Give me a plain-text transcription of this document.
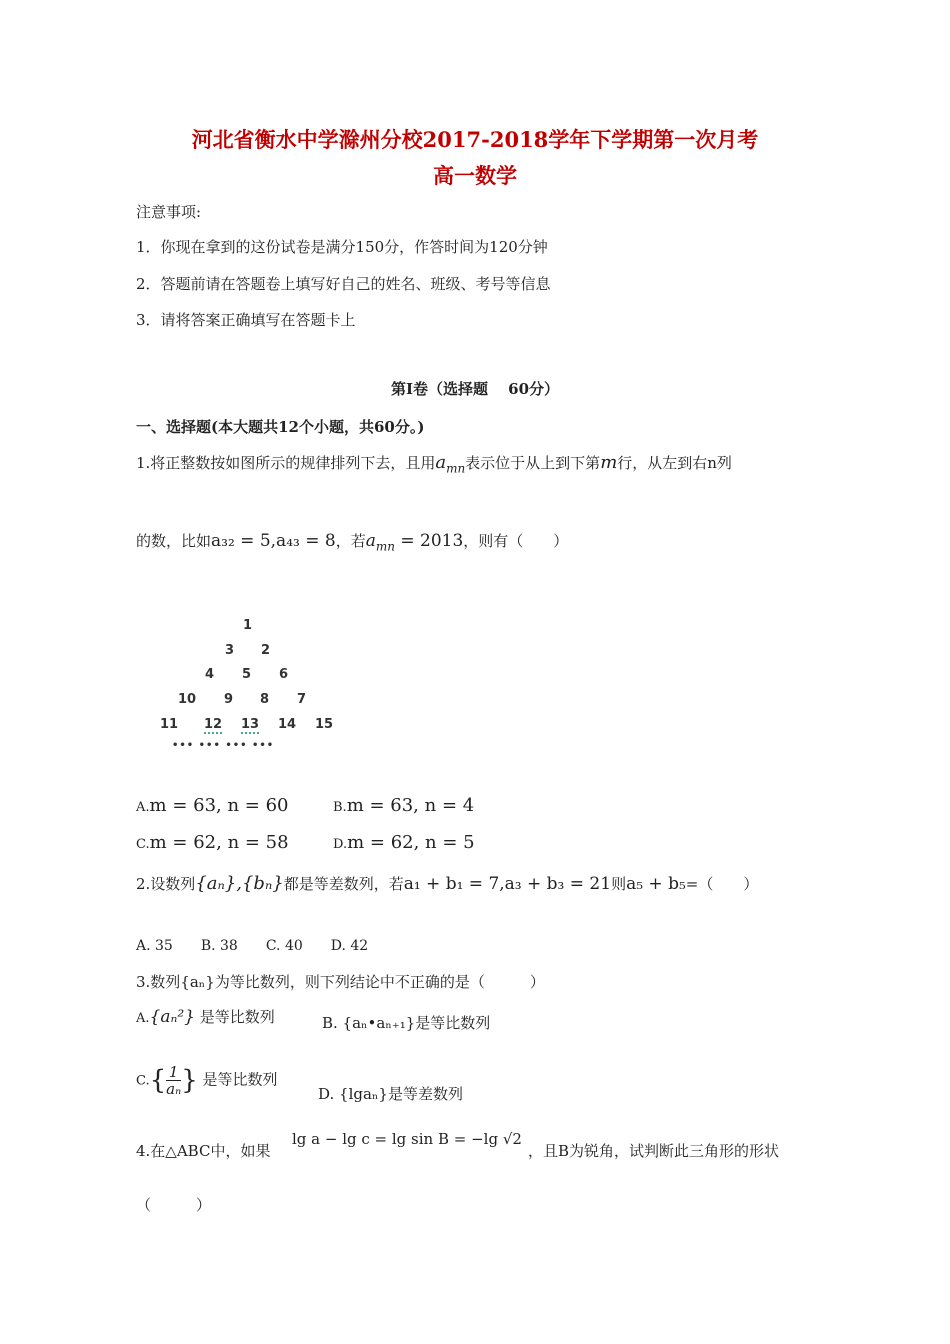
河北省衡水中学滁州分校2017-2018学年下学期第一次月考
高一数学
注意事项:
1．你现在拿到的这份试卷是满分150分，作答时间为120分钟
2．答题前请在答题卷上填写好自己的姓名、班级、考号等信息
3．请将答案正确填写在答题卡上
第Ⅰ卷（选择题　 60分）
一、选择题(本大题共12个小题，共60分。)
1.将正整数按如图所示的规律排列下去，且用$a_{mn}$表示位于从上到下第m行，从左到右n列
的数，比如a₃₂ = 5,a₄₃ = 8，若$a_{mn} = 2013$，则有（　　）
1
3 2
4 5 6
10 9 8 7
11 12 13 14 15
••• ••• ••• •••
A.m = 63, n = 60	B.m = 63, n = 4
C.m = 62, n = 58	D.m = 62, n = 5
2.设数列{aₙ},{bₙ}都是等差数列，若a₁ + b₁ = 7,a₃ + b₃ = 21则a₅ + b₅=（　　）
A. 35　　B. 38　　C. 40　　D. 42
3.数列{aₙ}为等比数列，则下列结论中不正确的是（　　　）
A.{aₙ²} 是等比数列	B. {aₙ•aₙ₊₁}是等比数列
$C.\{ \frac{1}{\text{aₙ}}$ } 是等比数列
D. {lgaₙ}是等差数列
4.在△ABC中，如果
lg a − lg c = lg sin B = −lg √2
，且B为锐角，试判断此三角形的形状
（　　　）
